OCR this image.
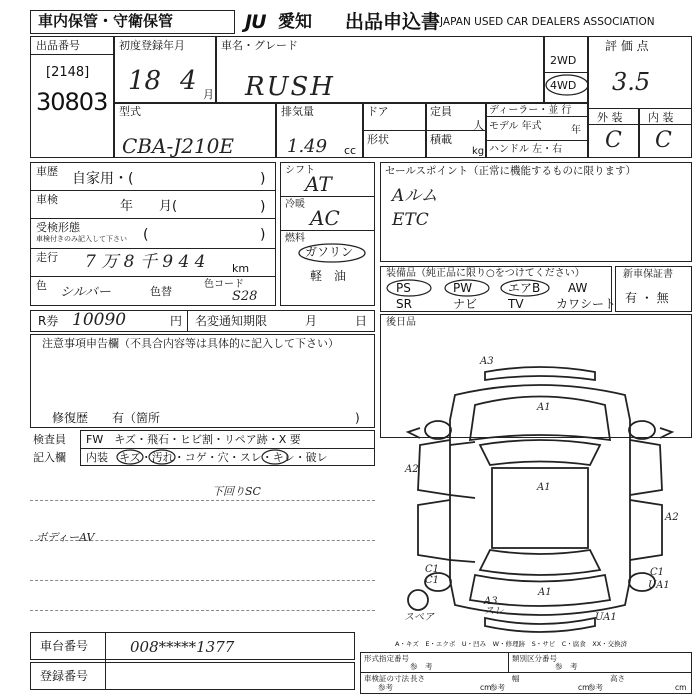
車内保管・守衛保管	JU 愛知 出品申込書 JAPAN USED CAR DEALERS ASSOCIATION
出品番号
[2148]
30803
初度登録年月
18 4 月
車名・グレード
RUSH
2WD
4WD
評 価 点
3.5
外 装 内 装
C C
型式
CBA-J210E
排気量
1.49 cc
ドア
形状
定員
人
積載
kg
ディーラー・並 行
モデル 年式	年
ハンドル 左・右
車歴 自家用・(	)
車検	年　　月(	)
受検形態
車検付きのみ記入して下さい (	)
走行 7 万 8 千 9 4 4 km
色 シルバー	色替
色コード
S28
シフト
AT
冷暖
AC
燃料
ガソリン
軽　油
セールスポイント（正常に機能するものに限ります）
Aルム
ETC
装備品（純正品に限り○をつけてください）
PS	PW	エアB AW
SR	ナビ	TV	カワシート
新車保証書
有 ・ 無
R券 10090	円 名変通知期限	月	日 後日品
注意事項申告欄（不具合内容等は具体的に記入して下さい）
修復歴　　有（箇所	)
検査員
記入欄
FW　キズ・飛石・ヒビ割・リペア跡・X 要
内装　キズ・汚れ・コゲ・穴・スレ・キレ・破レ
下回りSC
ボディーAV
A3
A1
A1
A1
A2
A2
C1
C1
C1
UA1
A3
スレ
スペア	UA1
A・キズ　E・エクボ　U・凹み　W・修理跡　S・サビ　C・腐食　XX・交換済
車台番号	008*****1377
登録番号
形式指定番号
参　考
類別区分番号
参　考
車検証の寸法 長さ	幅	高さ
参考	参考	参考
cm	cm	cm
